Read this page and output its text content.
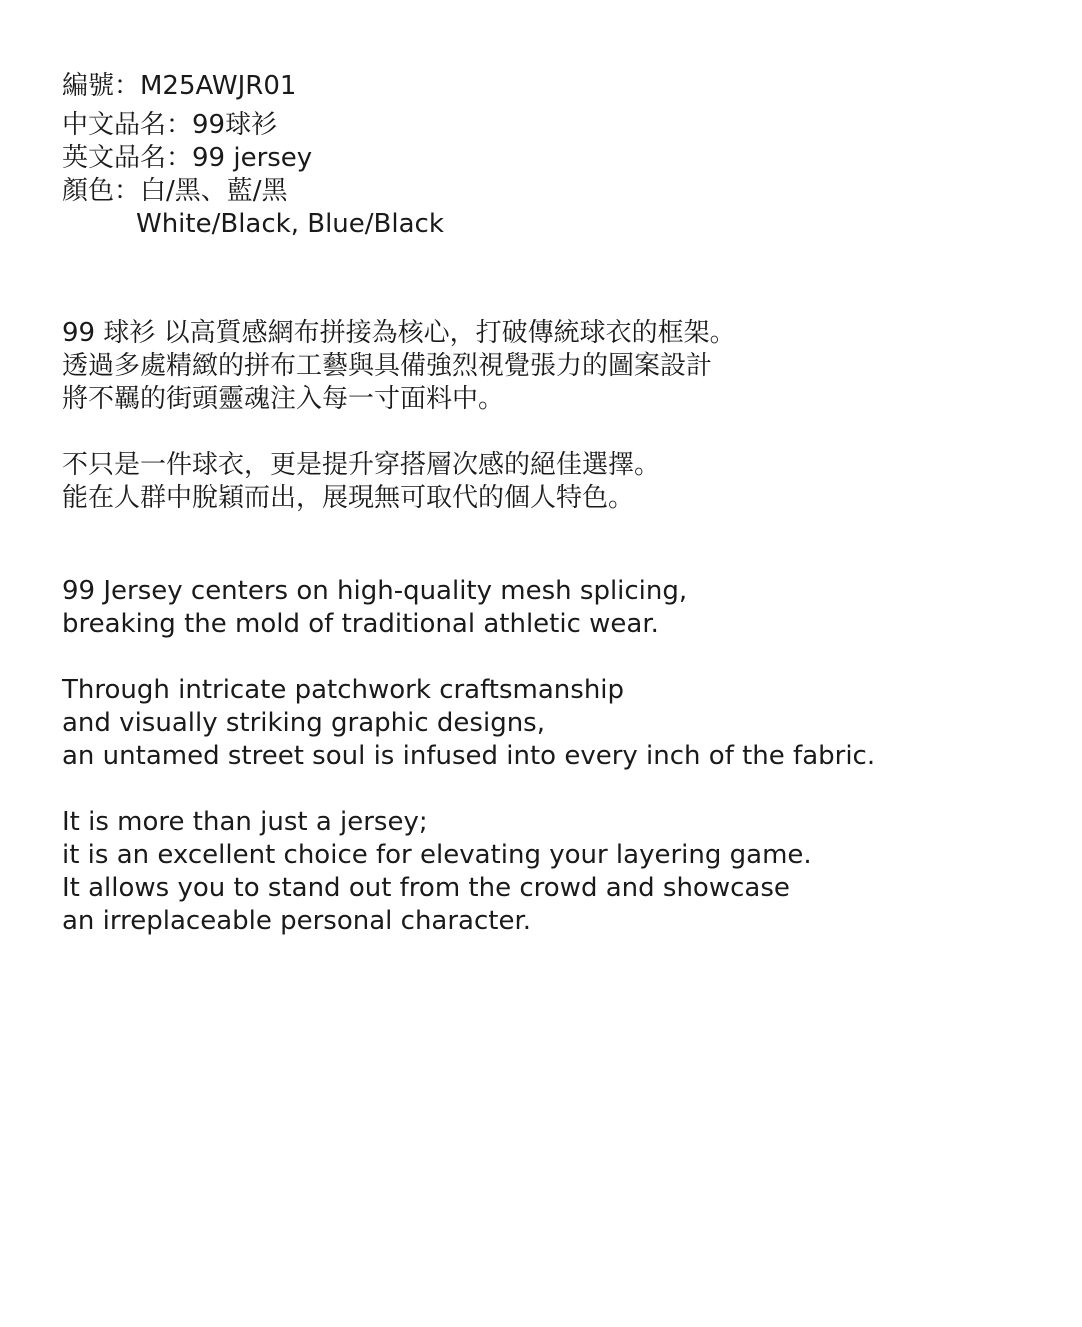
編號：M25AWJR01
中文品名：99球衫
英文品名：99 jersey
顏色：白/黑、藍/黑
White/Black, Blue/Black
99 球衫 以高質感網布拼接為核心，打破傳統球衣的框架。
透過多處精緻的拼布工藝與具備強烈視覺張力的圖案設計
將不羈的街頭靈魂注入每一寸面料中。
不只是一件球衣，更是提升穿搭層次感的絕佳選擇。
能在人群中脫穎而出，展現無可取代的個人特色。
99 Jersey centers on high-quality mesh splicing,
breaking the mold of traditional athletic wear.
Through intricate patchwork craftsmanship
and visually striking graphic designs,
an untamed street soul is infused into every inch of the fabric.
It is more than just a jersey;
it is an excellent choice for elevating your layering game.
It allows you to stand out from the crowd and showcase
an irreplaceable personal character.
